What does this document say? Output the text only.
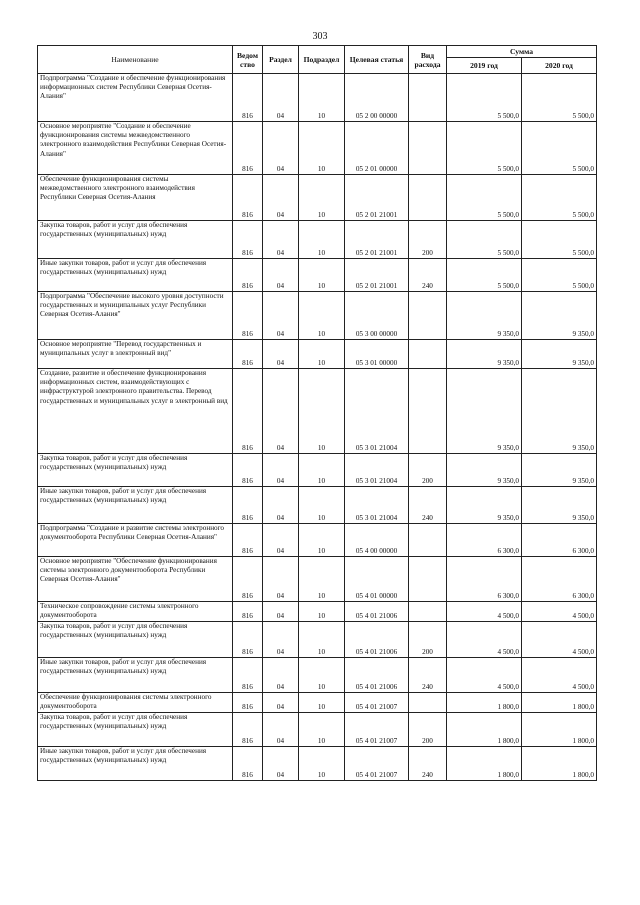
303
Наименование	Ведом ство	Раздел	Подраздел	Целевая статья	Вид расхода	Сумма	
						2019 год	2020 год
Подпрограмма "Создание и обеспечение функционирования информационных систем Республики Северная Осетия-Алания"	816	04	10	05 2 00 00000		5 500,0	5 500,0
Основное мероприятие "Создание и обеспечение функционирования системы межведомственного электронного взаимодействия Республики Северная Осетия-Алания"	816	04	10	05 2 01 00000		5 500,0	5 500,0
Обеспечение функционирования системы межведомственного электронного взаимодействия Республики Северная Осетия-Алания	816	04	10	05 2 01 21001		5 500,0	5 500,0
Закупка товаров, работ и услуг для обеспечения государственных (муниципальных) нужд	816	04	10	05 2 01 21001	200	5 500,0	5 500,0
Иные закупки товаров, работ и услуг для обеспечения государственных (муниципальных) нужд	816	04	10	05 2 01 21001	240	5 500,0	5 500,0
Подпрограмма "Обеспечение высокого уровня доступности государственных и муниципальных услуг Республики Северная Осетия-Алания"	816	04	10	05 3 00 00000		9 350,0	9 350,0
Основное мероприятие "Перевод государственных и муниципальных услуг в электронный вид"	816	04	10	05 3 01 00000		9 350,0	9 350,0
Создание, развитие и обеспечение функционирования информационных систем, взаимодействующих с инфраструктурой электронного правительства. Перевод государственных и муниципальных услуг в электронный вид	816	04	10	05 3 01 21004		9 350,0	9 350,0
Закупка товаров, работ и услуг для обеспечения государственных (муниципальных) нужд	816	04	10	05 3 01 21004	200	9 350,0	9 350,0
Иные закупки товаров, работ и услуг для обеспечения государственных (муниципальных) нужд	816	04	10	05 3 01 21004	240	9 350,0	9 350,0
Подпрограмма "Создание и развитие системы электронного документооборота Республики Северная Осетия-Алания"	816	04	10	05 4 00 00000		6 300,0	6 300,0
Основное мероприятие "Обеспечение функционирования системы электронного документооборота Республики Северная Осетия-Алания"	816	04	10	05 4 01 00000		6 300,0	6 300,0
Техническое сопровождение системы электронного документооборота	816	04	10	05 4 01 21006		4 500,0	4 500,0
Закупка товаров, работ и услуг для обеспечения государственных (муниципальных) нужд	816	04	10	05 4 01 21006	200	4 500,0	4 500,0
Иные закупки товаров, работ и услуг для обеспечения государственных (муниципальных) нужд	816	04	10	05 4 01 21006	240	4 500,0	4 500,0
Обеспечение функционирования системы электронного документооборота	816	04	10	05 4 01 21007		1 800,0	1 800,0
Закупка товаров, работ и услуг для обеспечения государственных (муниципальных) нужд	816	04	10	05 4 01 21007	200	1 800,0	1 800,0
Иные закупки товаров, работ и услуг для обеспечения государственных (муниципальных) нужд	816	04	10	05 4 01 21007	240	1 800,0	1 800,0
